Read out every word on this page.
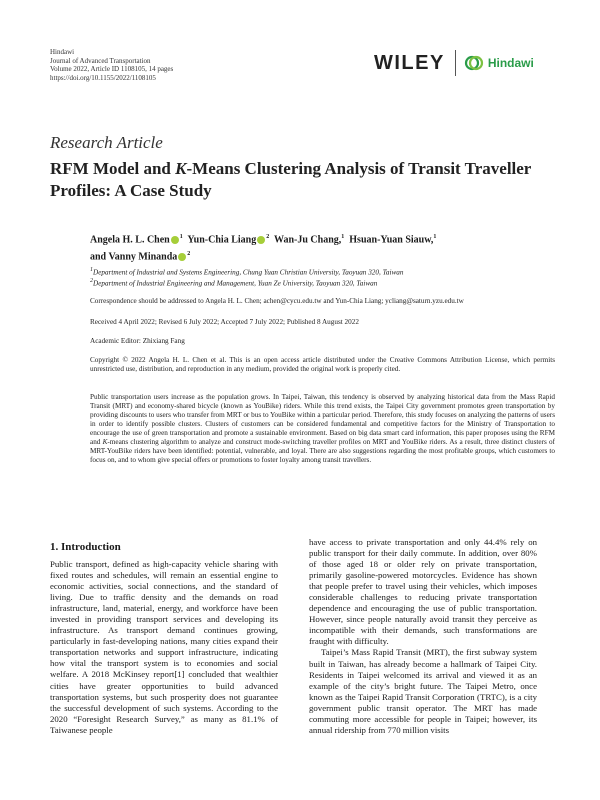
Hindawi
Journal of Advanced Transportation
Volume 2022, Article ID 1108105, 14 pages
https://doi.org/10.1155/2022/1108105
WILEY	Hindawi
Research Article
RFM Model and K-Means Clustering Analysis of Transit Traveller Profiles: A Case Study
Angela H. L. Chen $^1$ Yun-Chia Liang $^2$ Wan-Ju Chang,$^1$ Hsuan-Yuan Siauw,$^1$
and Vanny Minanda $^2$
$^1$Department of Industrial and Systems Engineering, Chung Yuan Christian University, Taoyuan 320, Taiwan
$^2$Department of Industrial Engineering and Management, Yuan Ze University, Taoyuan 320, Taiwan
Correspondence should be addressed to Angela H. L. Chen; achen@cycu.edu.tw and Yun-Chia Liang; ycliang@saturn.yzu.edu.tw
Received 4 April 2022; Revised 6 July 2022; Accepted 7 July 2022; Published 8 August 2022
Academic Editor: Zhixiang Fang
Copyright © 2022 Angela H. L. Chen et al. This is an open access article distributed under the Creative Commons Attribution License, which permits unrestricted use, distribution, and reproduction in any medium, provided the original work is properly cited.
Public transportation users increase as the population grows. In Taipei, Taiwan, this tendency is observed by analyzing historical data from the Mass Rapid Transit (MRT) and economy-shared bicycle (known as YouBike) riders. While this trend exists, the Taipei City government promotes green transportation by providing discounts to users who transfer from MRT or bus to YouBike within a particular period. Therefore, this study focuses on analyzing the patterns of users in order to identify possible clusters. Clusters of customers can be considered fundamental and competitive factors for the Ministry of Transportation to encourage the use of green transportation and promote a sustainable environment. Based on big data smart card information, this paper proposes using the RFM and K-means clustering algorithm to analyze and construct mode-switching traveller profiles on MRT and YouBike riders. As a result, three distinct clusters of MRT-YouBike riders have been identified: potential, vulnerable, and loyal. There are also suggestions regarding the most profitable groups, which customers to focus on, and to whom give special offers or promotions to foster loyalty among transit travellers.
1. Introduction

Public transport, defined as high-capacity vehicle sharing with fixed routes and schedules, will remain an essential engine to economic activities, social connections, and the standard of living. Due to traffic density and the demands on road infrastructure, land, material, energy, and workforce have been invested in providing transport services and developing its infrastructure. As transport demand continues growing, particularly in fast-developing nations, many cities expand their transportation networks and support infrastructure, indicating how vital the transport system is to economies and social welfare. A 2018 McKinsey report[1] concluded that wealthier cities have greater opportunities to build advanced transportation systems, but such prosperity does not guarantee the successful development of such systems. According to the 2020 “Foresight Research Survey,” as many as 81.1% of Taiwanese people

have access to private transportation and only 44.4% rely on public transport for their daily commute. In addition, over 80% of those aged 18 or older rely on private transportation, primarily gasoline-powered motorcycles. Evidence has shown that people prefer to travel using their vehicles, which imposes considerable challenges to reducing private transportation dependence and encouraging the use of public transportation. However, since people naturally avoid transit they perceive as incompatible with their demands, such transformations are fraught with difficulty.

Taipei’s Mass Rapid Transit (MRT), the first subway system built in Taiwan, has already become a hallmark of Taipei City. Residents in Taipei welcomed its arrival and viewed it as an example of the city’s bright future. The Taipei Metro, once known as the Taipei Rapid Transit Corporation (TRTC), is a city government public transit operator. The MRT has made commuting more accessible for people in Taipei; however, its annual ridership from 770 million visits
